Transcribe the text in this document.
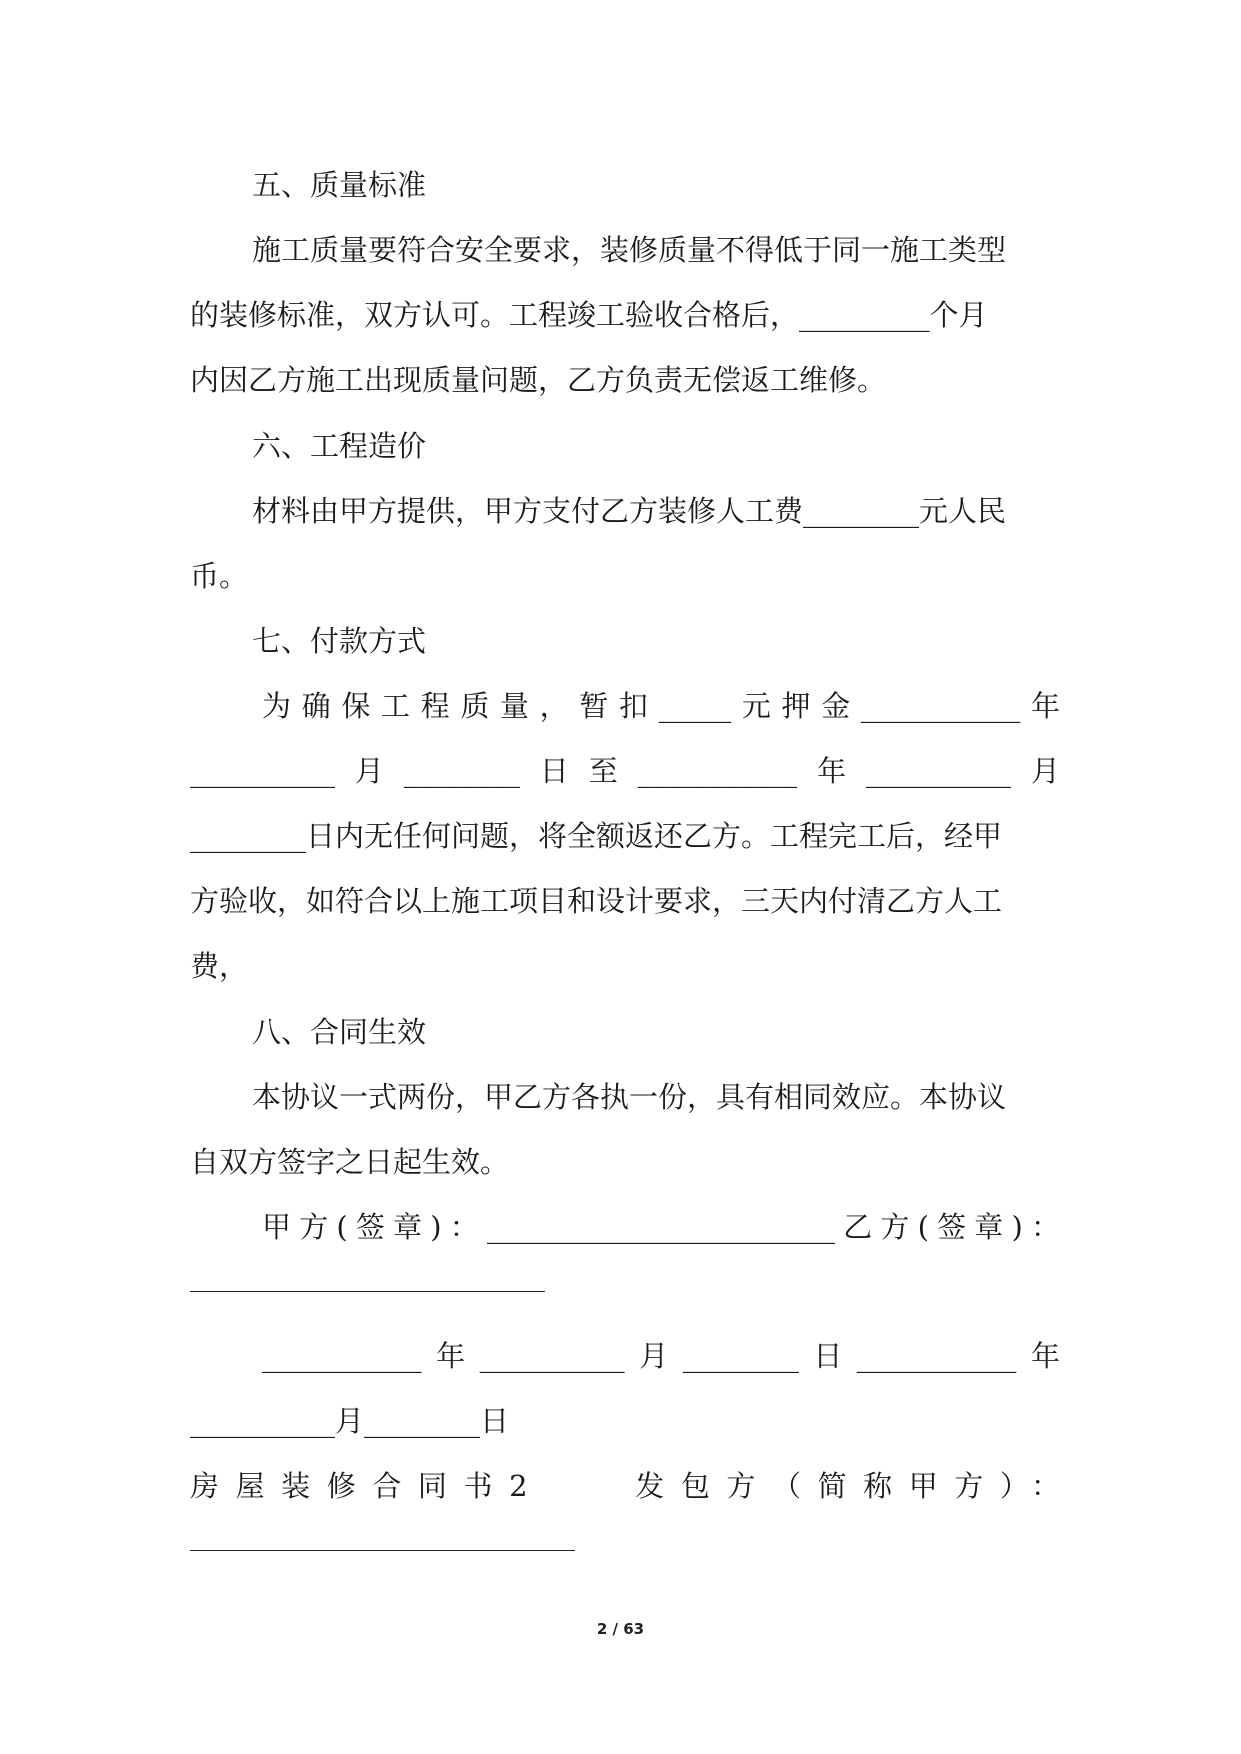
五、质量标准
施工质量要符合安全要求，装修质量不得低于同一施工类型
的装修标准，双方认可。工程竣工验收合格后，_________个月
内因乙方施工出现质量问题，乙方负责无偿返工维修。
六、工程造价
材料由甲方提供，甲方支付乙方装修人工费________元人民
币。
七、付款方式
为确保工程质量，暂扣_____元押金___________年
__________月________日至___________年__________月
________日内无任何问题，将全额返还乙方。工程完工后，经甲
方验收，如符合以上施工项目和设计要求，三天内付清乙方人工
费，
八、合同生效
本协议一式两份，甲乙方各执一份，具有相同效应。本协议
自双方签字之日起生效。
甲方(签章)：________________________乙方(签章)：
___________年__________月________日___________年
__________月________日
房屋装修合同书2　　发包方（简称甲方）：
2 / 63
